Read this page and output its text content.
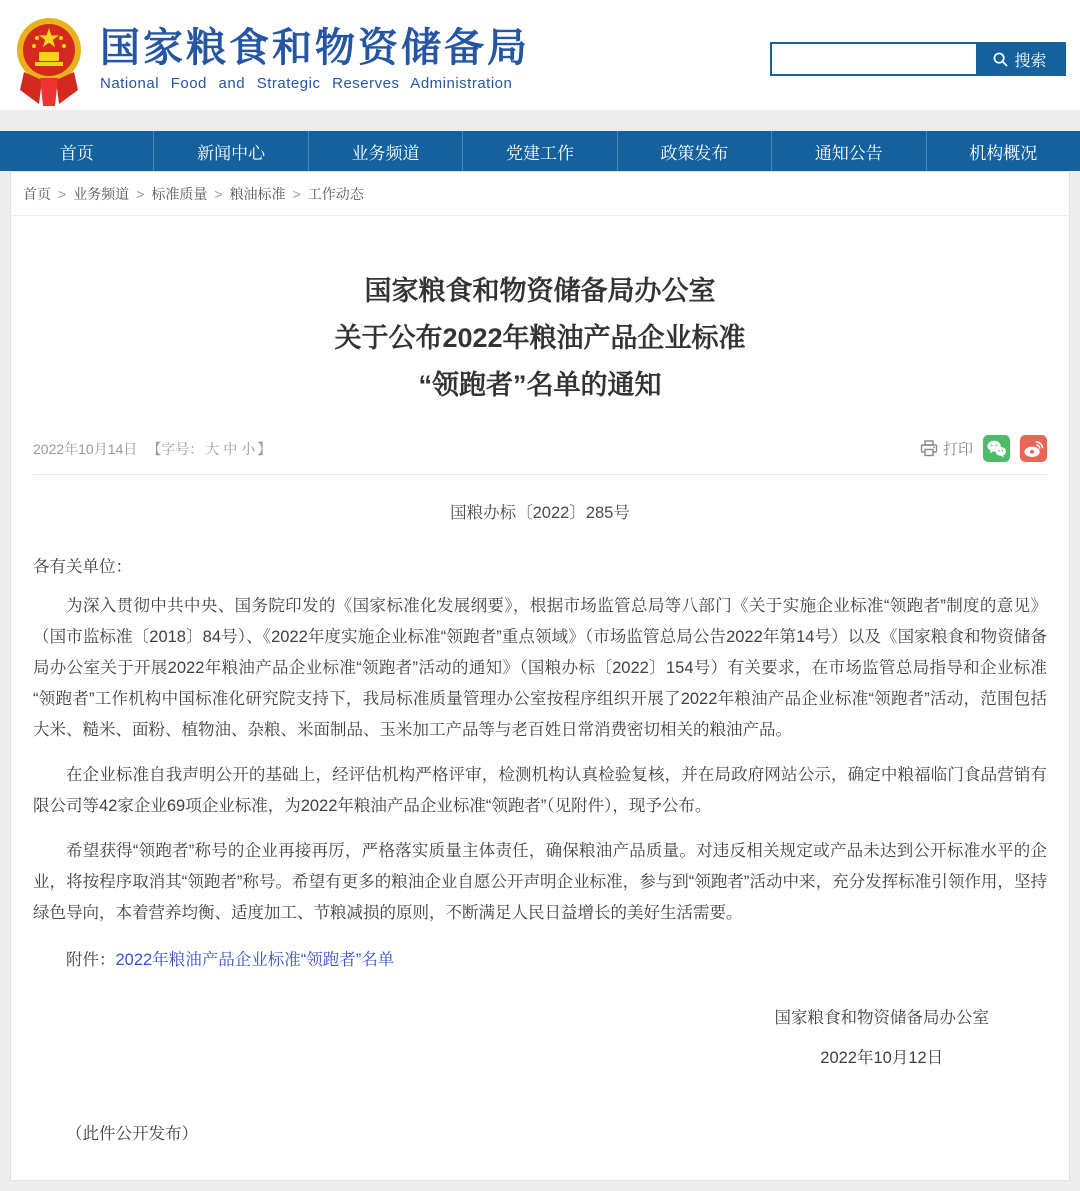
国家粮食和物资储备局
National Food and Strategic Reserves Administration
搜索
首页	新闻中心	业务频道	党建工作	政策发布	通知公告	机构概况
首页 > 业务频道 > 标准质量 > 粮油标准 > 工作动态
国家粮食和物资储备局办公室
关于公布2022年粮油产品企业标准
“领跑者”名单的通知
2022年10月14日 【字号： 大 中 小 】	打印
国粮办标〔2022〕285号
各有关单位：

为深入贯彻中共中央、国务院印发的《国家标准化发展纲要》，根据市场监管总局等八部门《关于实施企业标准“领跑者”制度的意见》（国市监标准〔2018〕84号）、《2022年度实施企业标准“领跑者”重点领域》（市场监管总局公告2022年第14号）以及《国家粮食和物资储备局办公室关于开展2022年粮油产品企业标准“领跑者”活动的通知》（国粮办标〔2022〕154号）有关要求，在市场监管总局指导和企业标准“领跑者”工作机构中国标准化研究院支持下，我局标准质量管理办公室按程序组织开展了2022年粮油产品企业标准“领跑者”活动，范围包括大米、糙米、面粉、植物油、杂粮、米面制品、玉米加工产品等与老百姓日常消费密切相关的粮油产品。

在企业标准自我声明公开的基础上，经评估机构严格评审，检测机构认真检验复核，并在局政府网站公示，确定中粮福临门食品营销有限公司等42家企业69项企业标准，为2022年粮油产品企业标准“领跑者”（见附件），现予公布。

希望获得“领跑者”称号的企业再接再厉，严格落实质量主体责任，确保粮油产品质量。对违反相关规定或产品未达到公开标准水平的企业，将按程序取消其“领跑者”称号。希望有更多的粮油企业自愿公开声明企业标准，参与到“领跑者”活动中来，充分发挥标准引领作用，坚持绿色导向，本着营养均衡、适度加工、节粮减损的原则，不断满足人民日益增长的美好生活需要。

附件：2022年粮油产品企业标准“领跑者”名单
国家粮食和物资储备局办公室
2022年10月12日
（此件公开发布）
